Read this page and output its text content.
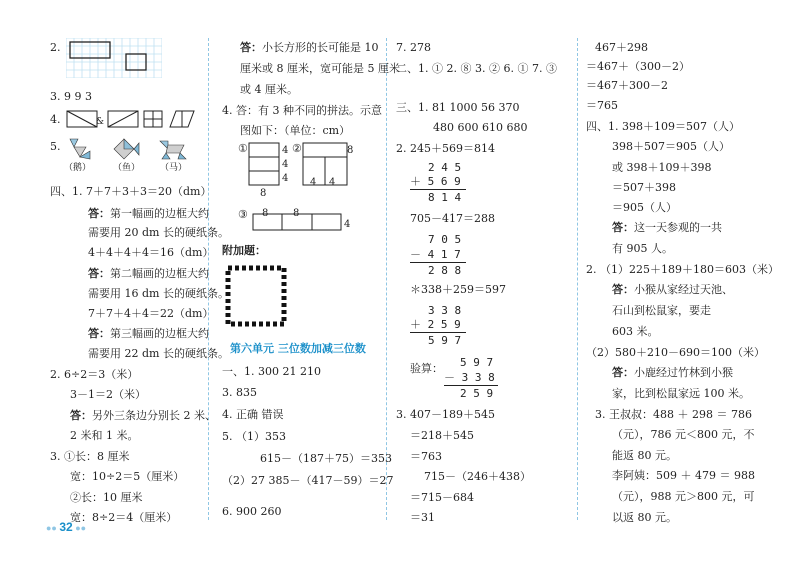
2.
3. 9 9 3
4.	&
5.
（鹅） （鱼） （马）
四、1. 7＋7＋3＋3＝20（dm）
答：第一幅画的边框大约
需要用 20 dm 长的硬纸条。
4＋4＋4＋4＝16（dm）
答：第二幅画的边框大约
需要用 16 dm 长的硬纸条。
7＋7＋4＋4＝22（dm）
答：第三幅画的边框大约
需要用 22 dm 长的硬纸条。
2. 6÷2＝3（米）
3－1＝2（米）
答：另外三条边分别长 2 米、
2 米和 1 米。
3. ①长：8 厘米
宽：10÷2＝5（厘米）
②长：10 厘米
宽：8÷2＝4（厘米）
●● 32 ●●
答：小长方形的长可能是 10
厘米或 8 厘米，宽可能是 5 厘米
或 4 厘米。
4. 答：有 3 种不同的拼法。示意
图如下：（单位：cm）
①	4
4
4
8
②
4 4
8
③ 8 8
4
附加题：
第六单元 三位数加减三位数
一、1. 300 21 210
3. 835
4. 正确 错误
5. （1）353
615－（187＋75）＝353
（2）27 385－（417－59）＝27
6. 900 260
7. 278
二、1. ① 2. ⑧ 3. ② 6. ① 7. ③
三、1. 81 1000 56 370
480 600 610 680
2. 245＋569＝814
2 4 5
＋ 5 6 9
8 1 4
705－417＝288
7 0 5
－ 4 1 7
2 8 8
＊338＋259＝597
3 3 8
＋ 2 5 9
5 9 7
验算： 5 9 7
－ 3 3 8
2 5 9
3. 407－189＋545
＝218＋545
＝763
715－（246＋438）
＝715－684
＝31
467＋298
＝467＋（300－2）
＝467＋300－2
＝765
四、1. 398＋109＝507（人）
398＋507＝905（人）
或 398＋109＋398
＝507＋398
＝905（人）
答：这一天参观的一共
有 905 人。
2. （1）225＋189＋180＝603（米）
答：小猴从家经过天池、
石山到松鼠家，要走
603 米。
（2）580＋210－690＝100（米）
答：小鹿经过竹林到小猴
家，比到松鼠家远 100 米。
3. 王叔叔：488 ＋ 298 ＝ 786
（元），786 元＜800 元，不
能返 80 元。
李阿姨：509 ＋ 479 ＝ 988
（元），988 元＞800 元，可
以返 80 元。
